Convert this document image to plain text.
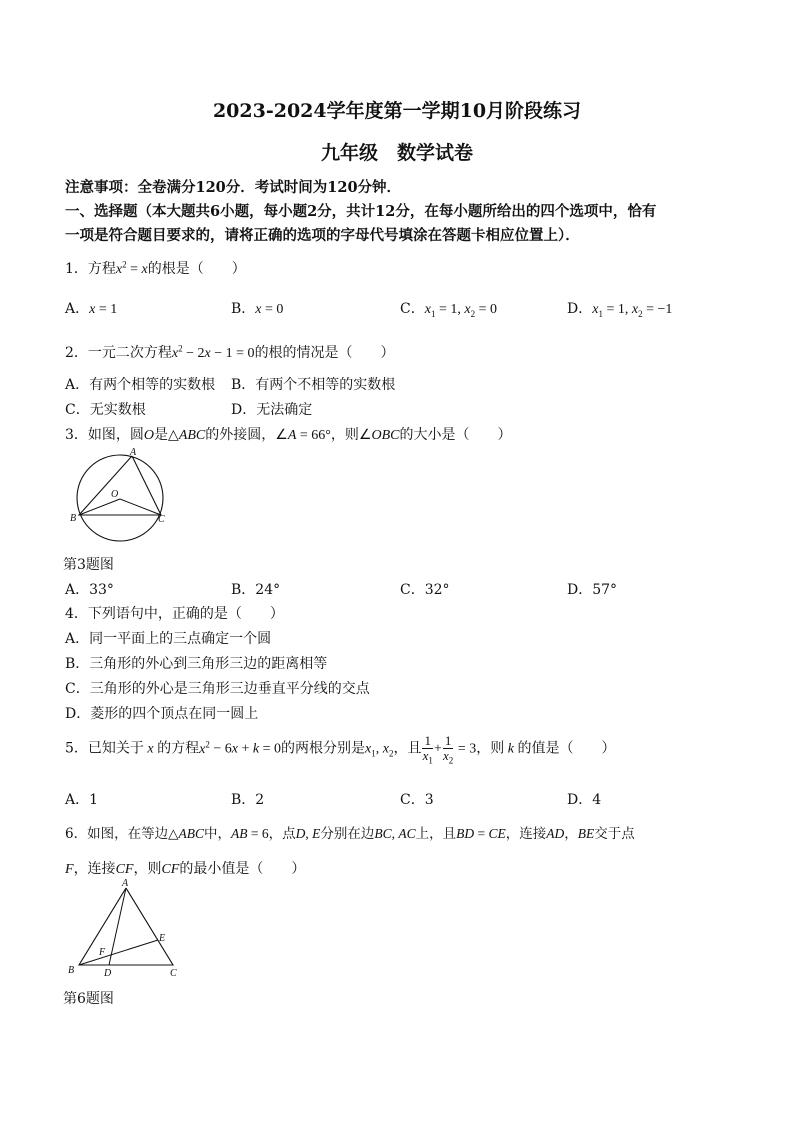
2023-2024学年度第一学期10月阶段练习
九年级　数学试卷
注意事项：全卷满分120分．考试时间为120分钟．
一、选择题（本大题共6小题，每小题2分，共计12分，在每小题所给出的四个选项中，恰有
一项是符合题目要求的，请将正确的选项的字母代号填涂在答题卡相应位置上）．
1．方程$x^2 = x$的根是（　　）
A．x = 1	B．x = 0	C．$x_1 = 1$, $x_2 = 0$	D．$x_1 = 1$, $x_2 = -1$
2．一元二次方程$x^2 - 2x - 1 = 0$的根的情况是（　　）
A．有两个相等的实数根 B．有两个不相等的实数根
C．无实数根	D．无法确定
3．如图，圆O是△ABC的外接圆，∠A = 66°，则∠OBC的大小是（　　）
A
B	C
O
第3题图
A．33°	B．24°	C．32°	D．57°
4．下列语句中，正确的是（　　）
A．同一平面上的三点确定一个圆
B．三角形的外心到三角形三边的距离相等
C．三角形的外心是三角形三边垂直平分线的交点
D．菱形的四个顶点在同一圆上
5．已知关于 x 的方程$x^2 - 6x + k = 0$的两根分别是$x_1$, $x_2$，且 $\frac{1}{x_1} + \frac{1}{x_2} = 3$，则 k 的值是（　　）
A．1	B．2	C．3	D．4
6．如图，在等边△ABC中，AB = 6，点D, E分别在边BC, AC上，且BD = CE，连接AD，BE交于点
F，连接CF，则CF的最小值是（　　）
A
B	C
D
E
F
第6题图
